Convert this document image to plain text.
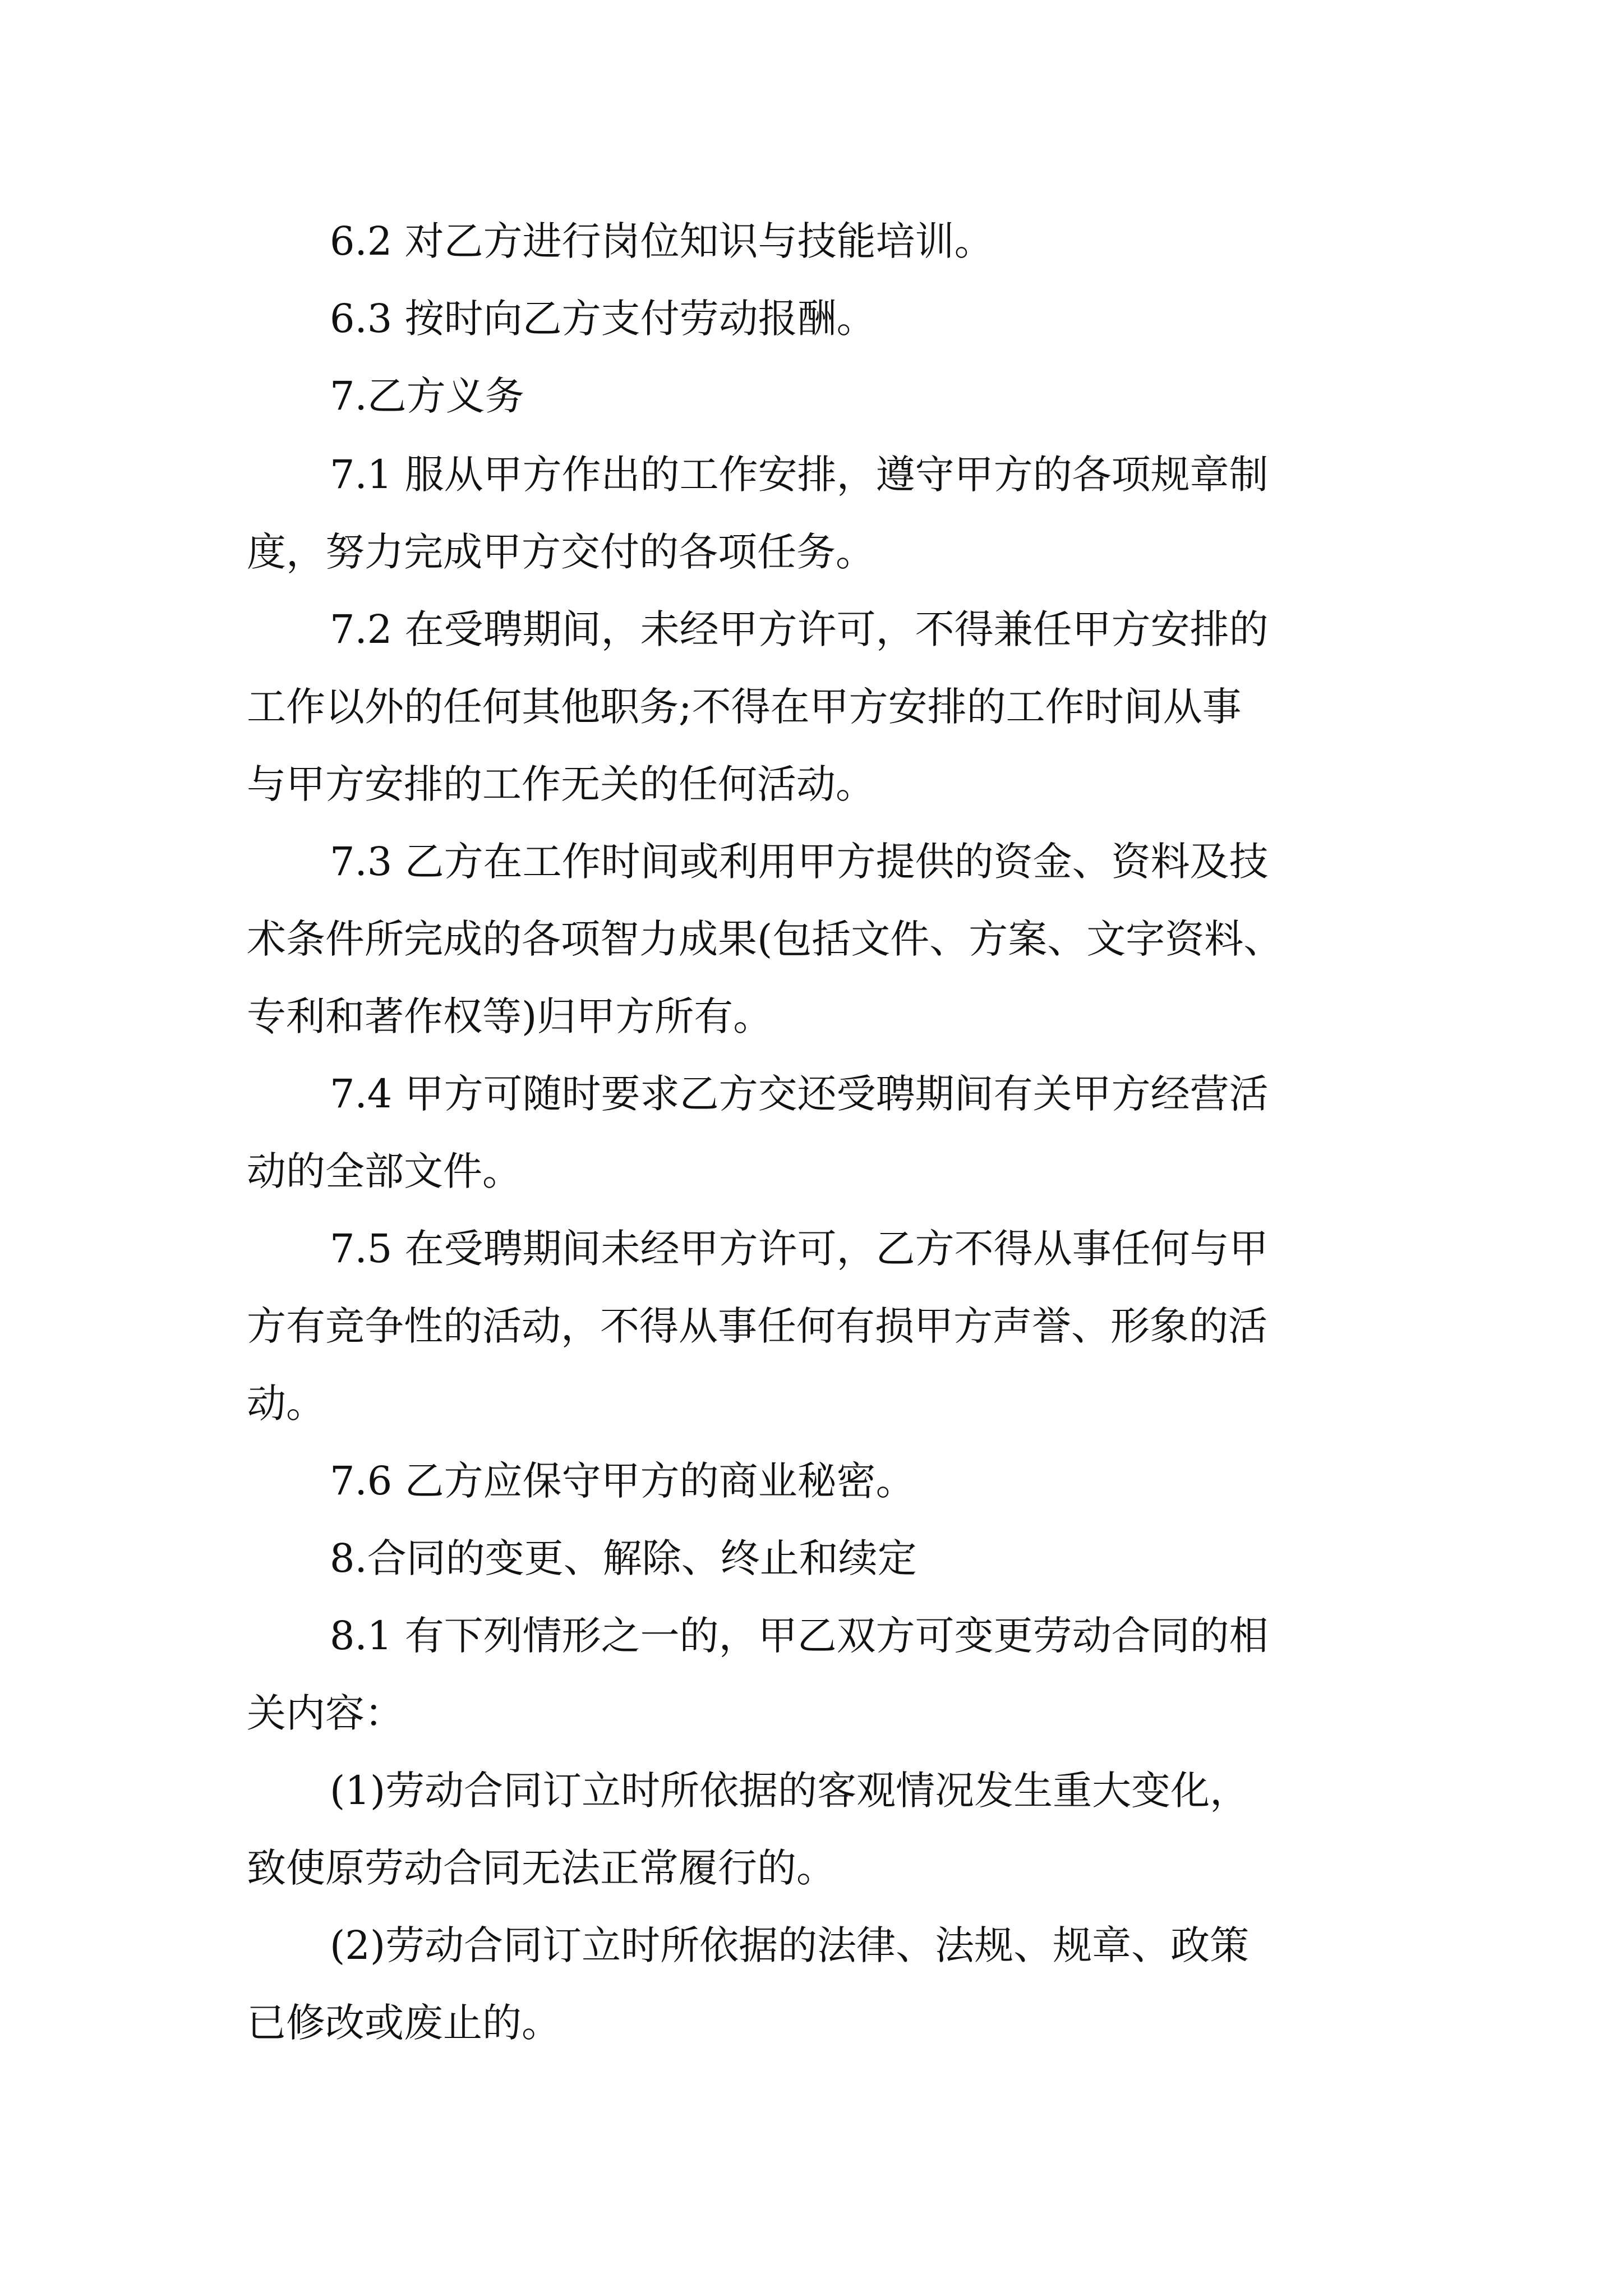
6.2 对乙方进行岗位知识与技能培训。

6.3 按时向乙方支付劳动报酬。

7.乙方义务

7.1 服从甲方作出的工作安排，遵守甲方的各项规章制

度，努力完成甲方交付的各项任务。

7.2 在受聘期间，未经甲方许可，不得兼任甲方安排的

工作以外的任何其他职务;不得在甲方安排的工作时间从事

与甲方安排的工作无关的任何活动。

7.3 乙方在工作时间或利用甲方提供的资金、资料及技

术条件所完成的各项智力成果(包括文件、方案、文字资料、

专利和著作权等)归甲方所有。

7.4 甲方可随时要求乙方交还受聘期间有关甲方经营活

动的全部文件。

7.5 在受聘期间未经甲方许可，乙方不得从事任何与甲

方有竞争性的活动，不得从事任何有损甲方声誉、形象的活

动。

7.6 乙方应保守甲方的商业秘密。

8.合同的变更、解除、终止和续定

8.1 有下列情形之一的，甲乙双方可变更劳动合同的相

关内容：

(1)劳动合同订立时所依据的客观情况发生重大变化，

致使原劳动合同无法正常履行的。

(2)劳动合同订立时所依据的法律、法规、规章、政策

已修改或废止的。
